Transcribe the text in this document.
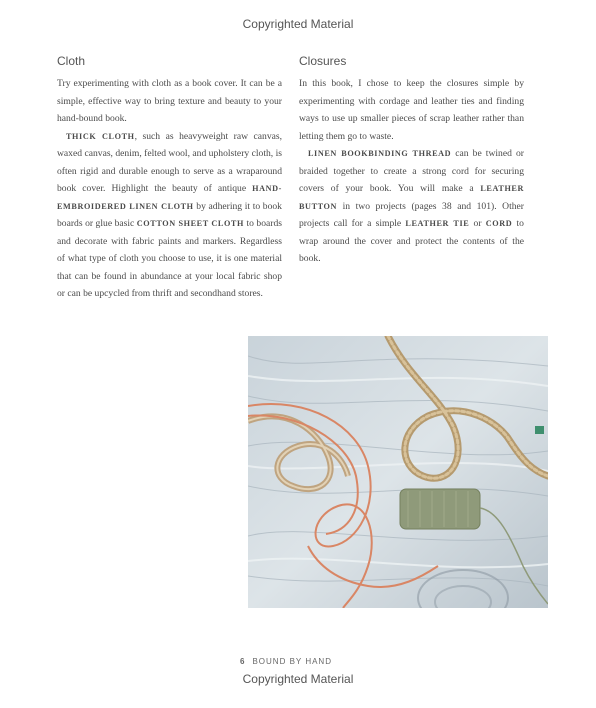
Copyrighted Material
Cloth

Try experimenting with cloth as a book cover. It can be a simple, effective way to bring texture and beauty to your hand-bound book.

THICK CLOTH, such as heavyweight raw canvas, waxed canvas, denim, felted wool, and upholstery cloth, is often rigid and durable enough to serve as a wraparound book cover. Highlight the beauty of antique HAND-EMBROIDERED LINEN CLOTH by adhering it to book boards or glue basic COTTON SHEET CLOTH to boards and decorate with fabric paints and markers. Regardless of what type of cloth you choose to use, it is one material that can be found in abundance at your local fabric shop or can be upcycled from thrift and secondhand stores.

Closures

In this book, I chose to keep the closures simple by experimenting with cordage and leather ties and finding ways to use up smaller pieces of scrap leather rather than letting them go to waste.

LINEN BOOKBINDING THREAD can be twined or braided together to create a strong cord for securing covers of your book. You will make a LEATHER BUTTON in two projects (pages 38 and 101). Other projects call for a simple LEATHER TIE or CORD to wrap around the cover and protect the contents of the book.

6 BOUND BY HAND
Copyrighted Material
